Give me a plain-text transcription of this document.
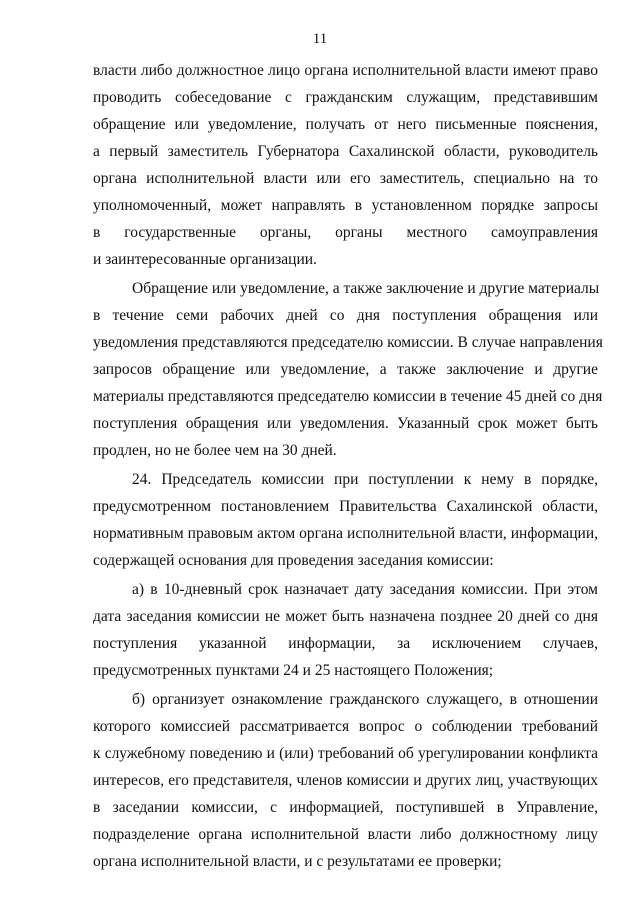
11
власти либо должностное лицо органа исполнительной власти имеют право
проводить собеседование с гражданским служащим, представившим
обращение или уведомление, получать от него письменные пояснения,
а первый заместитель Губернатора Сахалинской области, руководитель
органа исполнительной власти или его заместитель, специально на то
уполномоченный, может направлять в установленном порядке запросы
в государственные органы, органы местного самоуправления
и заинтересованные организации.
Обращение или уведомление, а также заключение и другие материалы
в течение семи рабочих дней со дня поступления обращения или
уведомления представляются председателю комиссии. В случае направления
запросов обращение или уведомление, а также заключение и другие
материалы представляются председателю комиссии в течение 45 дней со дня
поступления обращения или уведомления. Указанный срок может быть
продлен, но не более чем на 30 дней.
24. Председатель комиссии при поступлении к нему в порядке,
предусмотренном постановлением Правительства Сахалинской области,
нормативным правовым актом органа исполнительной власти, информации,
содержащей основания для проведения заседания комиссии:
а) в 10-дневный срок назначает дату заседания комиссии. При этом
дата заседания комиссии не может быть назначена позднее 20 дней со дня
поступления указанной информации, за исключением случаев,
предусмотренных пунктами 24 и 25 настоящего Положения;
б) организует ознакомление гражданского служащего, в отношении
которого комиссией рассматривается вопрос о соблюдении требований
к служебному поведению и (или) требований об урегулировании конфликта
интересов, его представителя, членов комиссии и других лиц, участвующих
в заседании комиссии, с информацией, поступившей в Управление,
подразделение органа исполнительной власти либо должностному лицу
органа исполнительной власти, и с результатами ее проверки;
